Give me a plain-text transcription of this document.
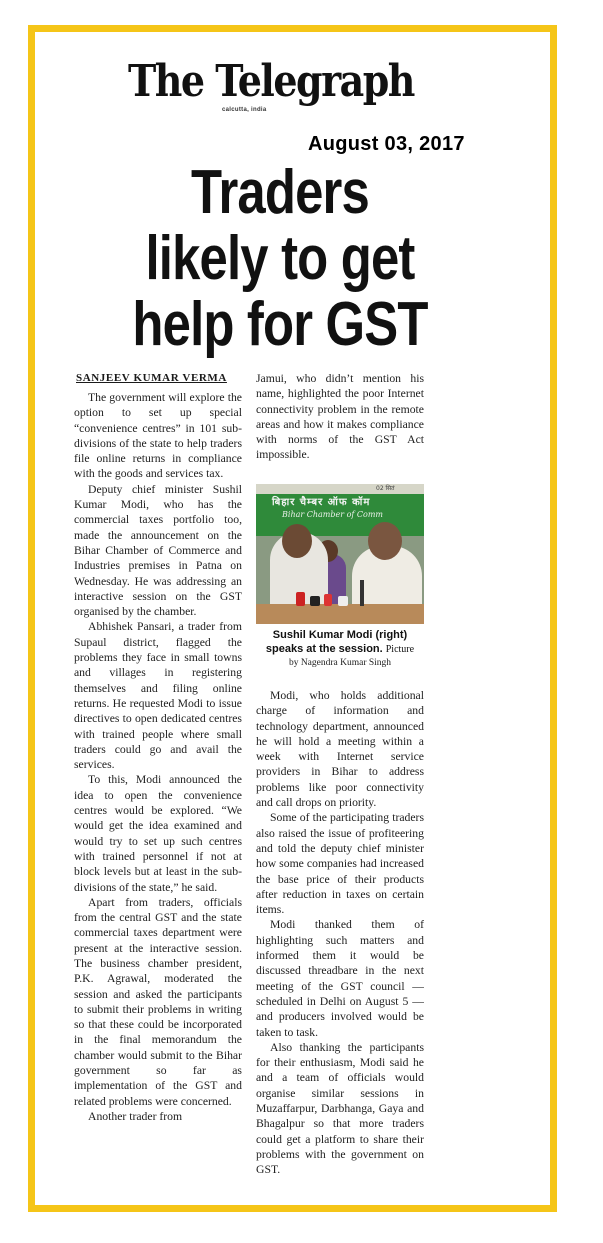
The Telegraph
calcutta, india
August 03, 2017
Traders
likely to get
help for GST
SANJEEV KUMAR VERMA

The government will explore the option to set up special “convenience centres” in 101 sub-divisions of the state to help traders file online returns in compliance with the goods and services tax.

Deputy chief minister Sushil Kumar Modi, who has the commercial taxes portfolio too, made the announcement on the Bihar Chamber of Commerce and Industries premises in Patna on Wednesday. He was addressing an interactive session on the GST organised by the chamber.

Abhishek Pansari, a trader from Supaul district, flagged the problems they face in small towns and villages in registering themselves and filing online returns. He requested Modi to issue directives to open dedicated centres with trained people where small traders could go and avail the services.

To this, Modi announced the idea to open the convenience centres would be explored. “We would get the idea examined and would try to set up such centres with trained personnel if not at block levels but at least in the sub-divisions of the state,” he said.

Apart from traders, officials from the central GST and the state commercial taxes department were present at the interactive session. The business chamber president, P.K. Agrawal, moderated the session and asked the participants to submit their problems in writing so that these could be incorporated in the final memorandum the chamber would submit to the Bihar government so far as implementation of the GST and related problems were concerned.

Another trader from

Jamui, who didn’t mention his name, highlighted the poor Internet connectivity problem in the remote areas and how it makes compliance with norms of the GST Act impossible.

02 सितं
बिहार चैम्बर ऑफ कॉम
Bihar Chamber of Comm
Sushil Kumar Modi (right) speaks at the session. Picture
by Nagendra Kumar Singh

Modi, who holds additional charge of information and technology department, announced he will hold a meeting within a week with Internet service providers in Bihar to address problems like poor connectivity and call drops on priority.

Some of the participating traders also raised the issue of profiteering and told the deputy chief minister how some companies had increased the base price of their products after reduction in taxes on certain items.

Modi thanked them of highlighting such matters and informed them it would be discussed threadbare in the next meeting of the GST council — scheduled in Delhi on August 5 — and producers involved would be taken to task.

Also thanking the participants for their enthusiasm, Modi said he and a team of officials would organise similar sessions in Muzaffarpur, Darbhanga, Gaya and Bhagalpur so that more traders could get a platform to share their problems with the government on GST.
